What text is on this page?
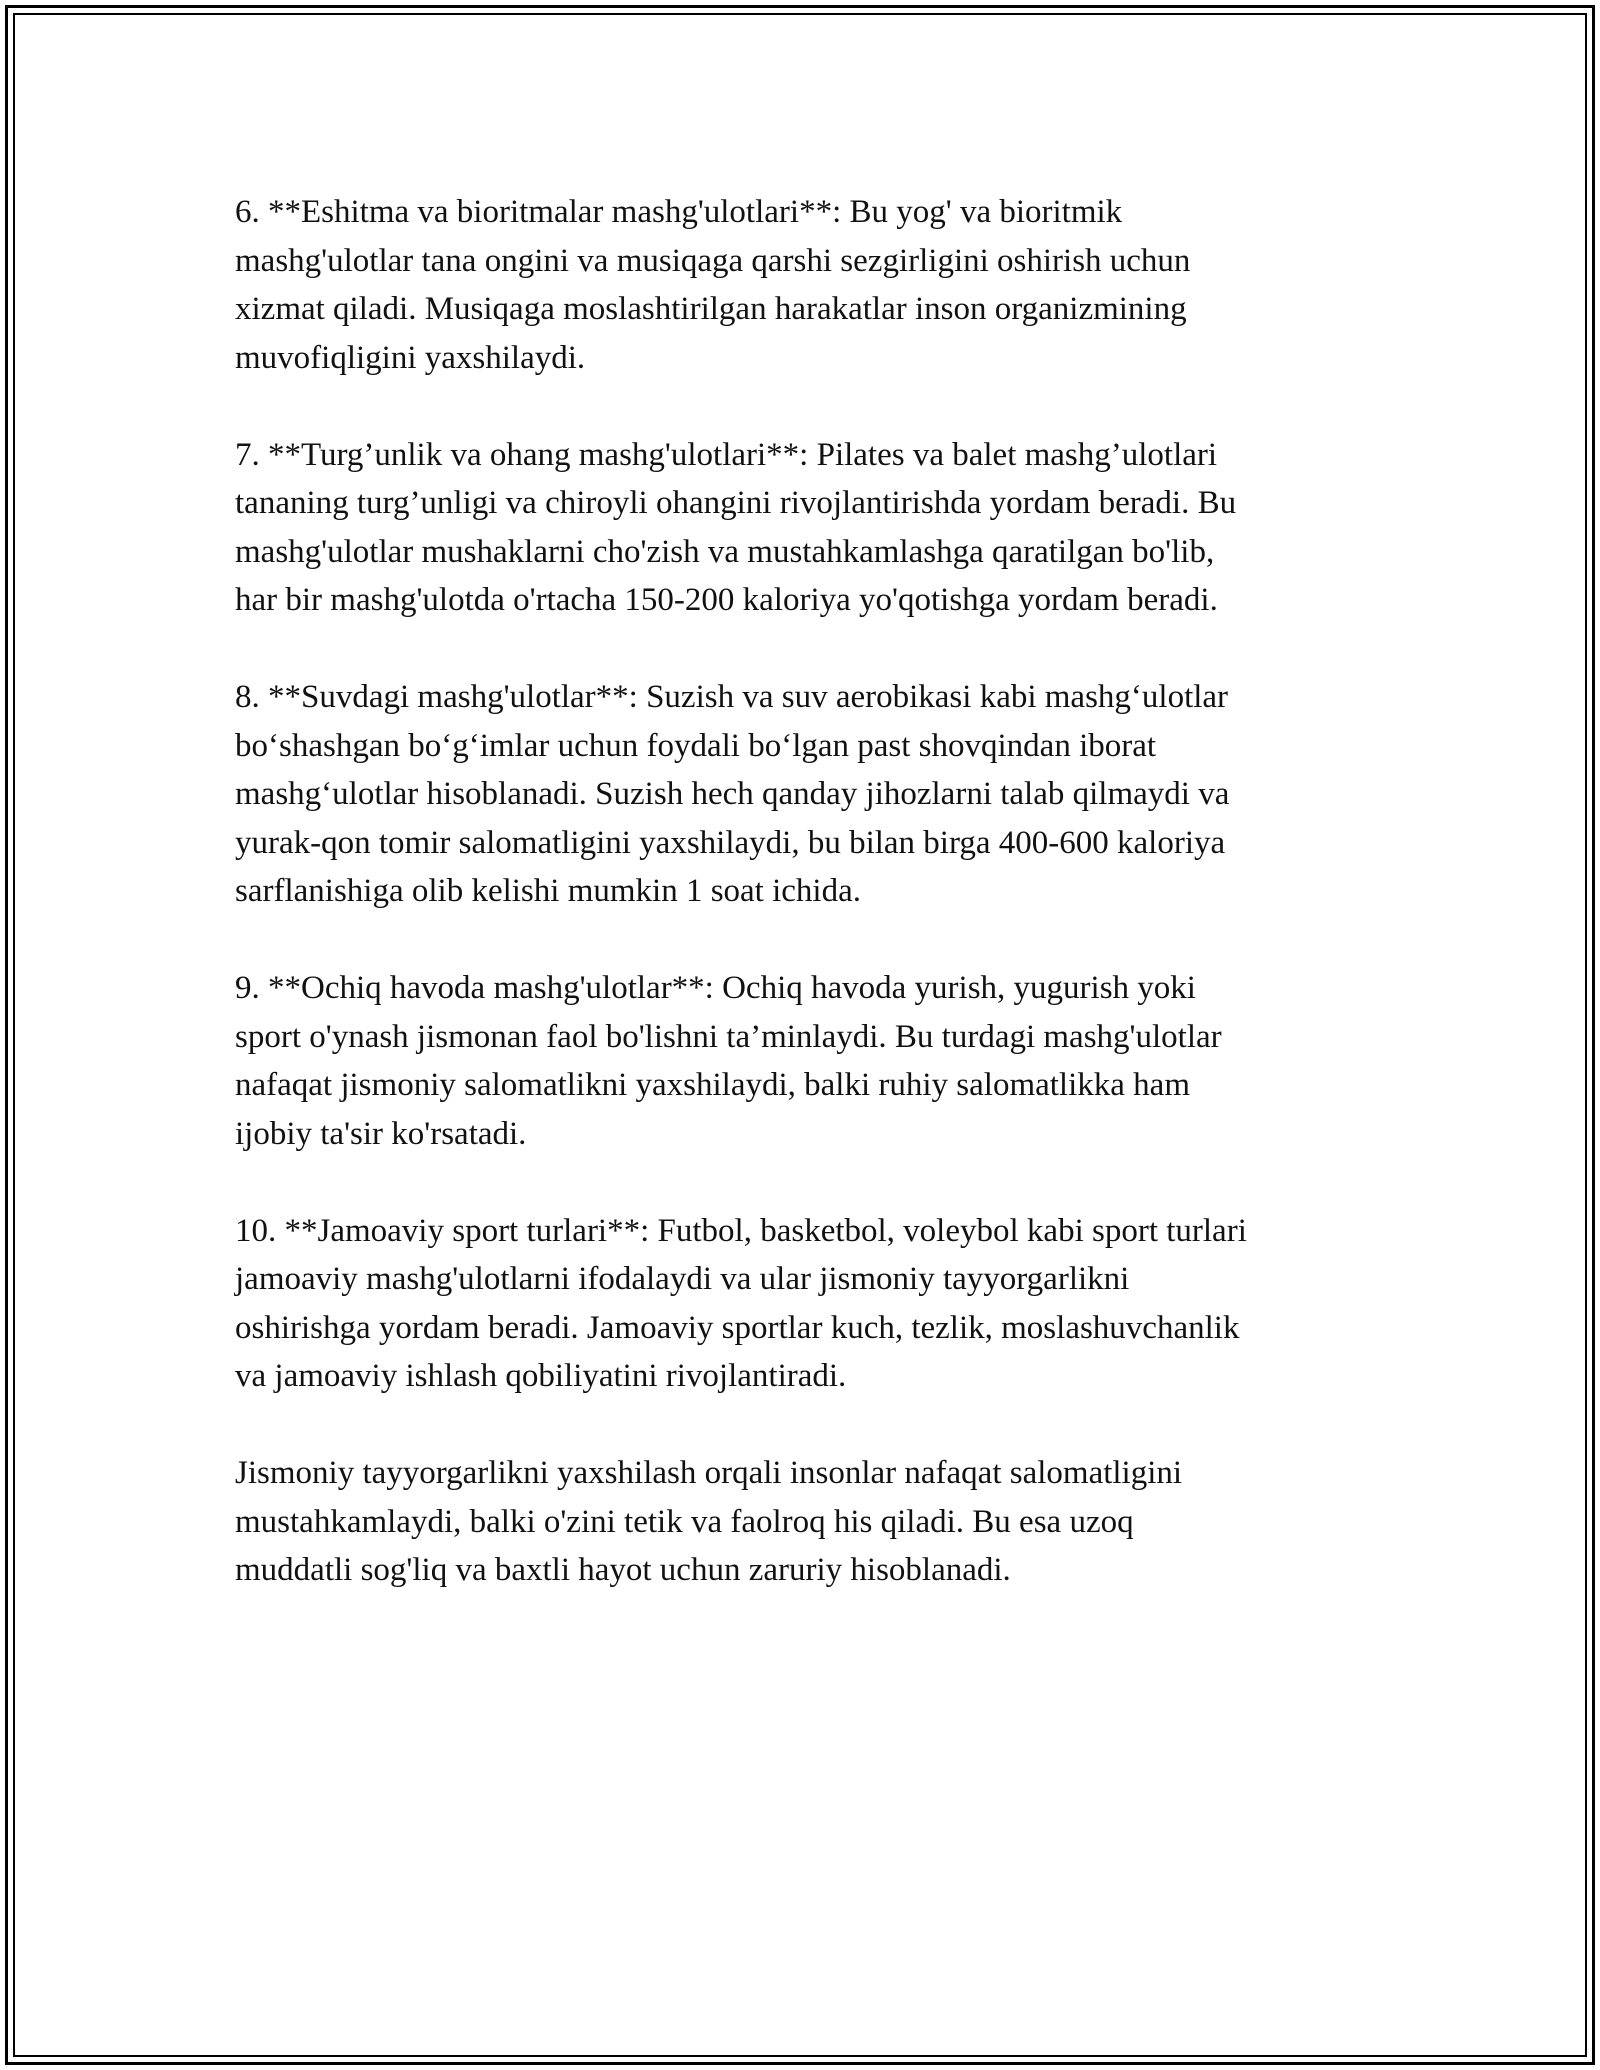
6. **Eshitma va bioritmalar mashg'ulotlari**: Bu yog' va bioritmik
mashg'ulotlar tana ongini va musiqaga qarshi sezgirligini oshirish uchun
xizmat qiladi. Musiqaga moslashtirilgan harakatlar inson organizmining
muvofiqligini yaxshilaydi.

7. **Turg’unlik va ohang mashg'ulotlari**: Pilates va balet mashg’ulotlari
tananing turg’unligi va chiroyli ohangini rivojlantirishda yordam beradi. Bu
mashg'ulotlar mushaklarni cho'zish va mustahkamlashga qaratilgan bo'lib,
har bir mashg'ulotda o'rtacha 150-200 kaloriya yo'qotishga yordam beradi.

8. **Suvdagi mashg'ulotlar**: Suzish va suv aerobikasi kabi mashg‘ulotlar
bo‘shashgan bo‘g‘imlar uchun foydali bo‘lgan past shovqindan iborat
mashg‘ulotlar hisoblanadi. Suzish hech qanday jihozlarni talab qilmaydi va
yurak-qon tomir salomatligini yaxshilaydi, bu bilan birga 400-600 kaloriya
sarflanishiga olib kelishi mumkin 1 soat ichida.

9. **Ochiq havoda mashg'ulotlar**: Ochiq havoda yurish, yugurish yoki
sport o'ynash jismonan faol bo'lishni ta’minlaydi. Bu turdagi mashg'ulotlar
nafaqat jismoniy salomatlikni yaxshilaydi, balki ruhiy salomatlikka ham
ijobiy ta'sir ko'rsatadi.

10. **Jamoaviy sport turlari**: Futbol, basketbol, voleybol kabi sport turlari
jamoaviy mashg'ulotlarni ifodalaydi va ular jismoniy tayyorgarlikni
oshirishga yordam beradi. Jamoaviy sportlar kuch, tezlik, moslashuvchanlik
va jamoaviy ishlash qobiliyatini rivojlantiradi.

Jismoniy tayyorgarlikni yaxshilash orqali insonlar nafaqat salomatligini
mustahkamlaydi, balki o'zini tetik va faolroq his qiladi. Bu esa uzoq
muddatli sog'liq va baxtli hayot uchun zaruriy hisoblanadi.
